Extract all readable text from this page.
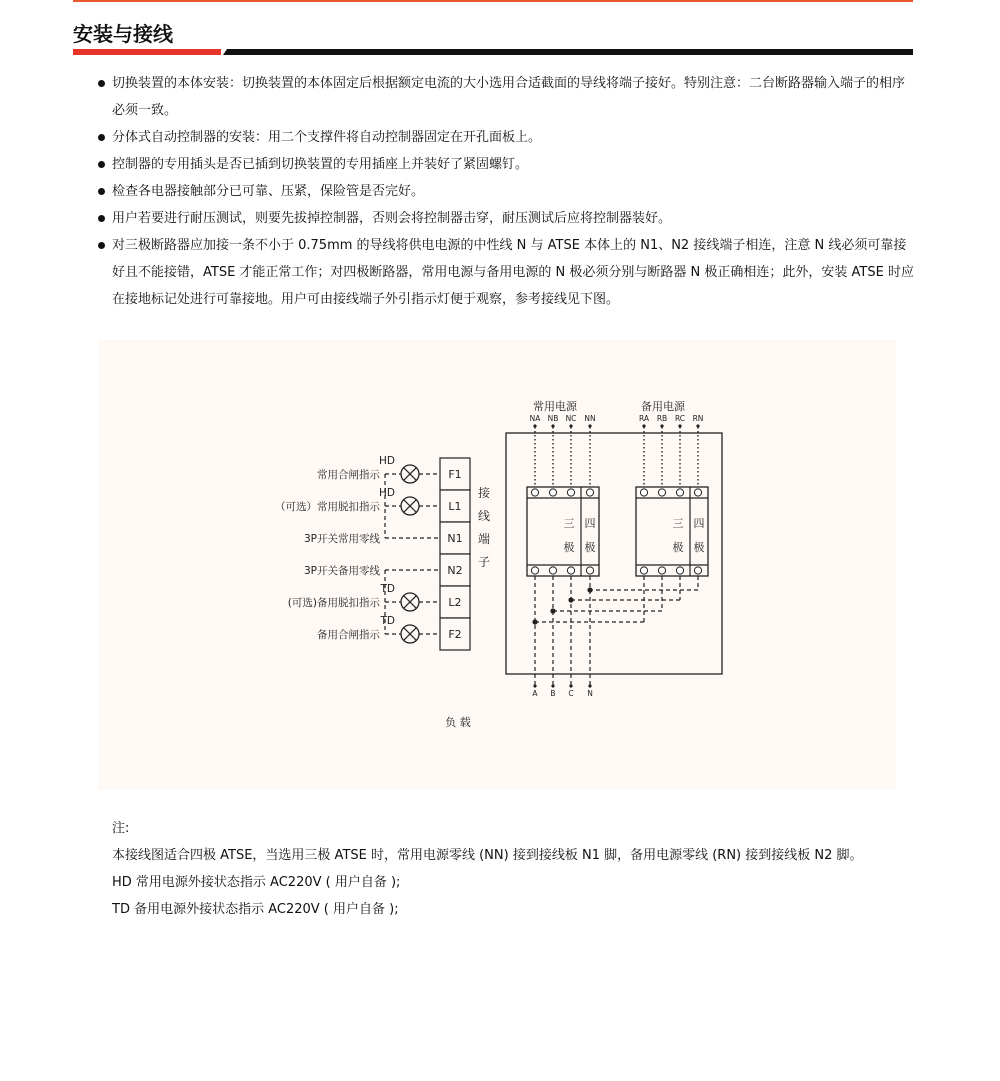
安装与接线
切换装置的本体安装：切换装置的本体固定后根据额定电流的大小选用合适截面的导线将端子接好。特别注意：二台断路器输入端子的相序必须一致。
分体式自动控制器的安装：用二个支撑件将自动控制器固定在开孔面板上。
控制器的专用插头是否已插到切换装置的专用插座上并装好了紧固螺钉。
检查各电器接触部分已可靠、压紧，保险管是否完好。
用户若要进行耐压测试，则要先拔掉控制器，否则会将控制器击穿，耐压测试后应将控制器装好。
对三极断路器应加接一条不小于 0.75mm 的导线将供电电源的中性线 N 与 ATSE 本体上的 N1、N2 接线端子相连，注意 N 线必须可靠接好且不能接错，ATSE 才能正常工作；对四极断路器，常用电源与备用电源的 N 极必须分别与断路器 N 极正确相连；此外，安装 ATSE 时应在接地标记处进行可靠接地。用户可由接线端子外引指示灯便于观察，参考接线见下图。
F1
L1
N1
N2
L2
F2
接
线
端
子
常用合闸指示
（可选）常用脱扣指示
3P开关常用零线
3P开关备用零线
(可选)备用脱扣指示
备用合闸指示
HD
HD
TD
TD
常用电源	备用电源
NA NB NC NN	RA RB RC RN
三
极
四
极
三
极
四
极
A B C N
负 载
注:
本接线图适合四极 ATSE，当选用三极 ATSE 时，常用电源零线 (NN) 接到接线板 N1 脚，备用电源零线 (RN) 接到接线板 N2 脚。
HD 常用电源外接状态指示 AC220V ( 用户自备 );
TD 备用电源外接状态指示 AC220V ( 用户自备 );
